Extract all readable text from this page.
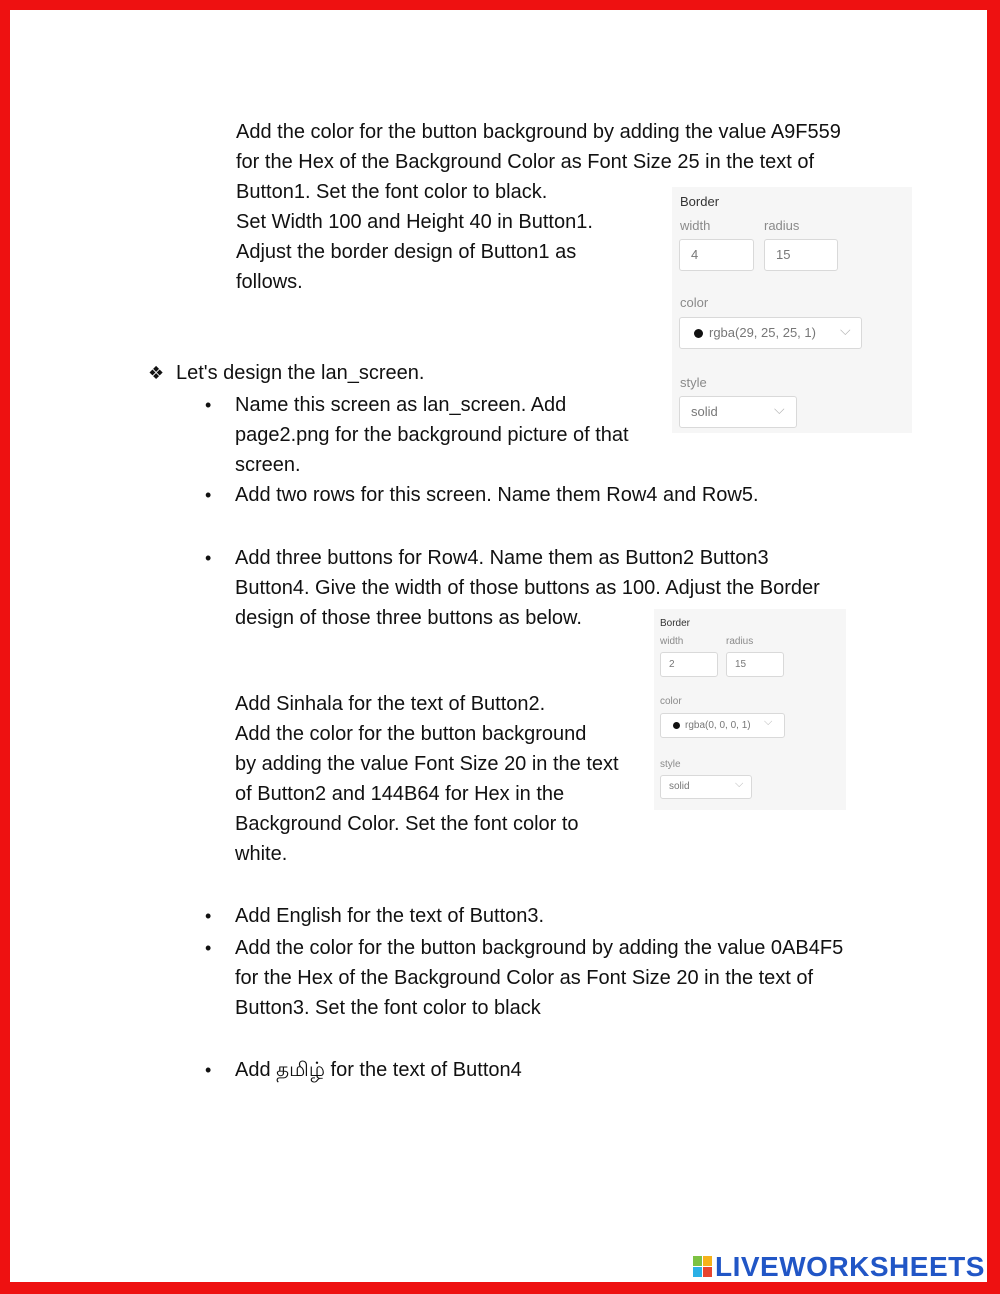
Add the color for the button background by adding the value A9F559
for the Hex of the Background Color as Font Size 25 in the text of
Button1. Set the font color to black.
Set Width 100 and Height 40 in Button1.
Adjust the border design of Button1 as
follows.
Border
width	radius
4	15
color
rgba(29, 25, 25, 1) ⌵
style
solid	⌵
❖ Let's design the lan_screen.
• Name this screen as lan_screen. Add
page2.png for the background picture of that
screen.
• Add two rows for this screen. Name them Row4 and Row5.
• Add three buttons for Row4. Name them as Button2 Button3
Button4. Give the width of those buttons as 100. Adjust the Border
design of those three buttons as below.
Add Sinhala for the text of Button2.
Add the color for the button background
by adding the value Font Size 20 in the text
of Button2 and 144B64 for Hex in the
Background Color. Set the font color to
white.
Border
width	radius
2	15
color
rgba(0, 0, 0, 1) ⌵
style
solid	⌵
• Add English for the text of Button3.
• Add the color for the button background by adding the value 0AB4F5
for the Hex of the Background Color as Font Size 20 in the text of
Button3. Set the font color to black
• Add தமிழ் for the text of Button4
LIVEWORKSHEETS
